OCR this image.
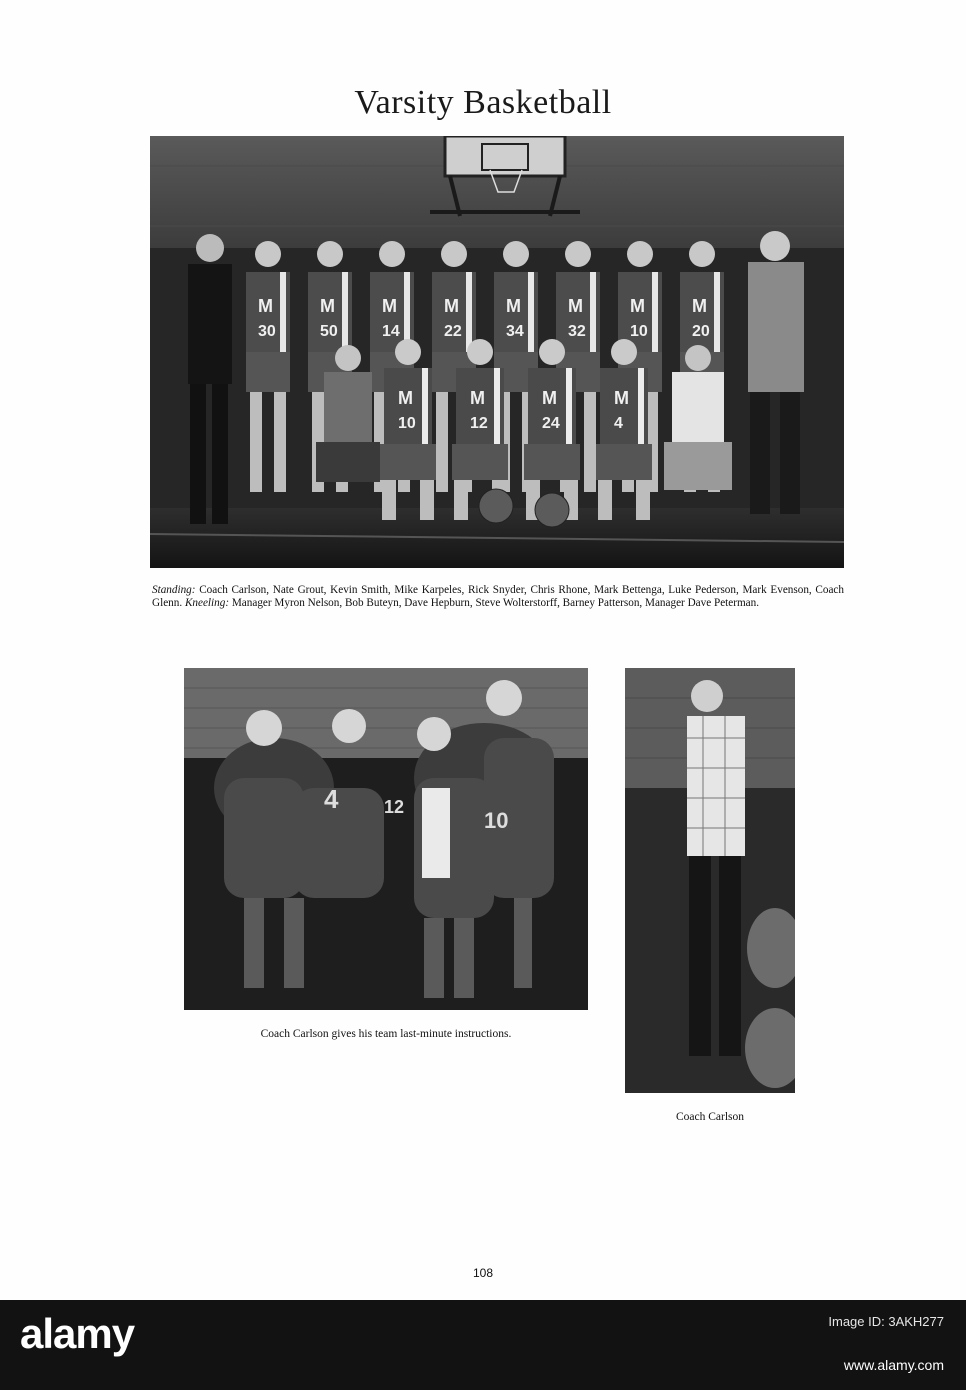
Varsity Basketball
M
30
M
50
M
14
M
22
M
34
M
32
M
10
M
20
M
10
M
12
M
24
M
4
Standing: Coach Carlson, Nate Grout, Kevin Smith, Mike Karpeles, Rick Snyder, Chris Rhone, Mark Bettenga, Luke Pederson, Mark Evenson, Coach Glenn. Kneeling: Manager Myron Nelson, Bob Buteyn, Dave Hepburn, Steve Wolterstorff, Barney Patterson, Manager Dave Peterman.
4
10
12
Coach Carlson gives his team last-minute instructions.
Coach Carlson
108
alamy	Image ID: 3AKH277
www.alamy.com
